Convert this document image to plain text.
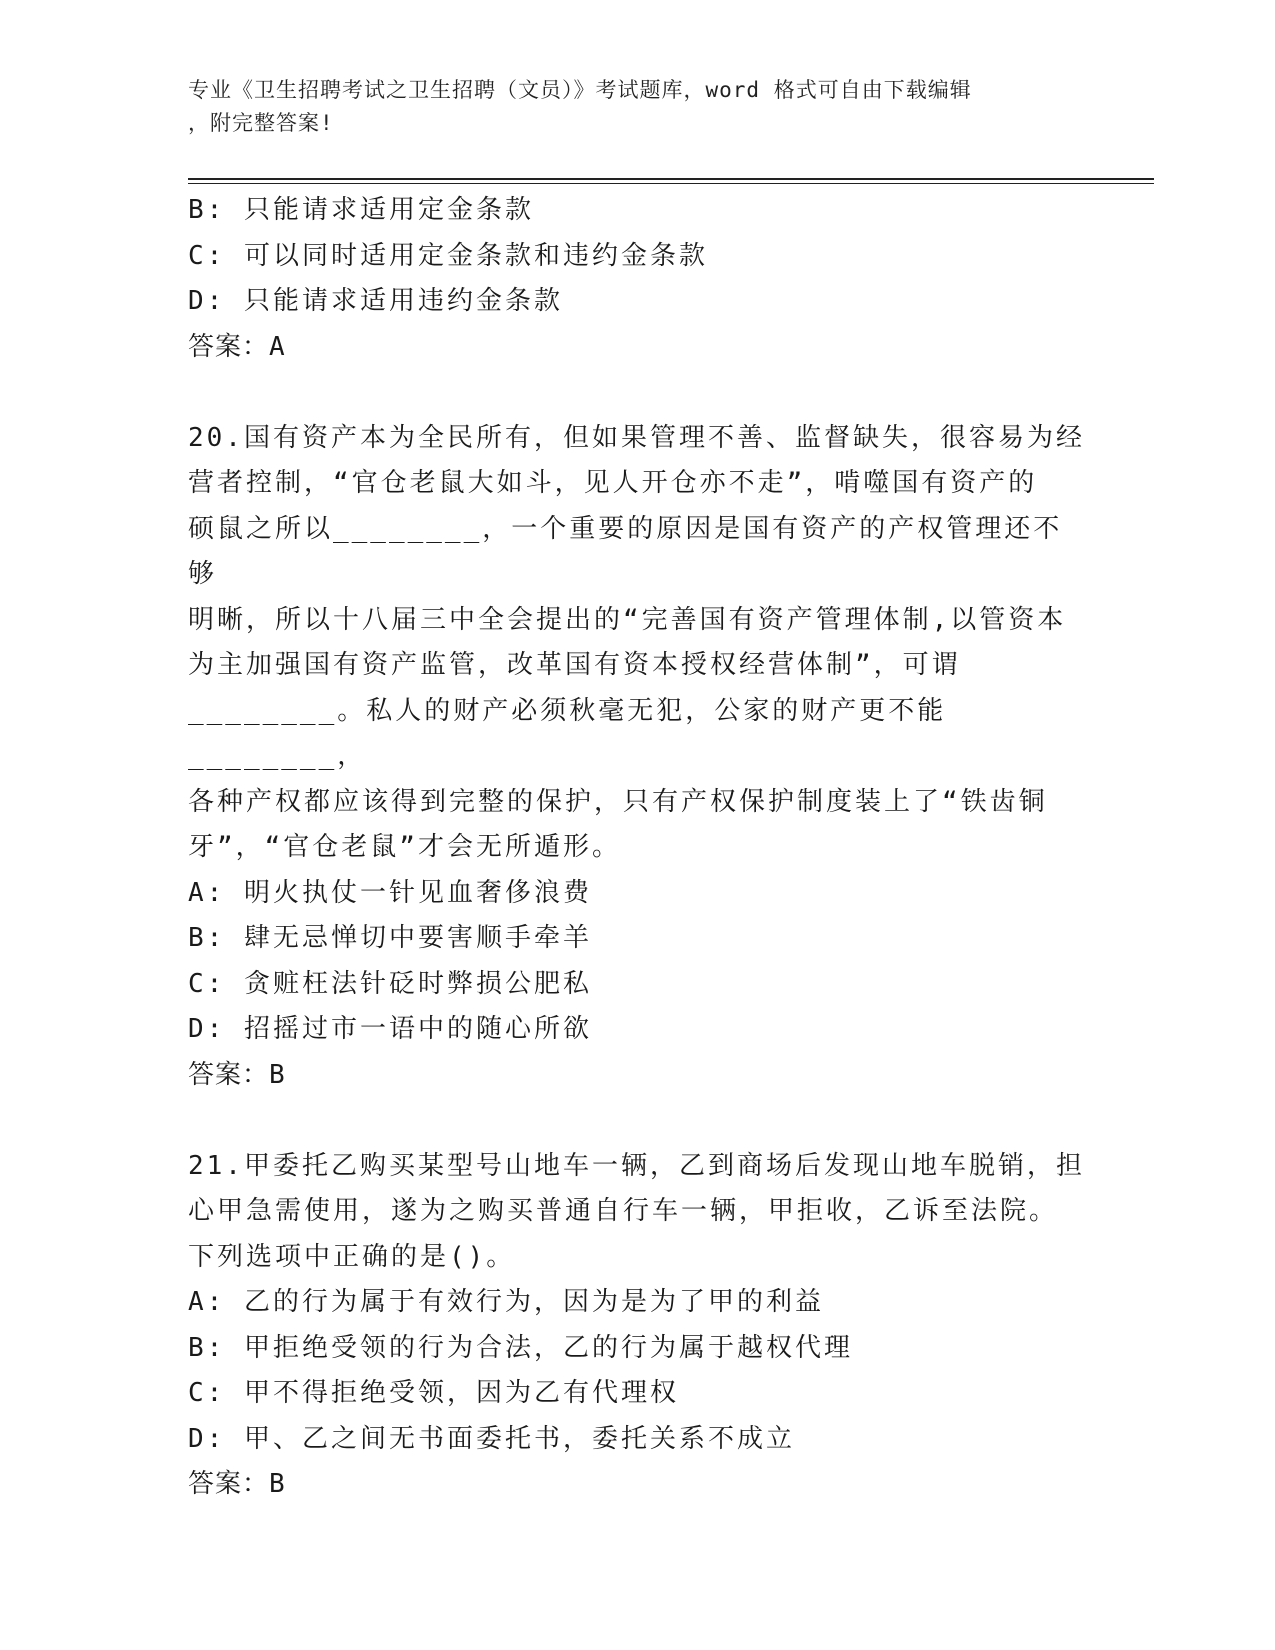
专业《卫生招聘考试之卫生招聘（文员）》考试题库，word 格式可自由下载编辑
，附完整答案!

B: 只能请求适用定金条款

C: 可以同时适用定金条款和违约金条款

D: 只能请求适用违约金条款

答案：A

20.国有资产本为全民所有，但如果管理不善、监督缺失，很容易为经

营者控制，“官仓老鼠大如斗，见人开仓亦不走”，啃噬国有资产的

硕鼠之所以________，一个重要的原因是国有资产的产权管理还不够

明晰，所以十八届三中全会提出的“完善国有资产管理体制,以管资本

为主加强国有资产监管，改革国有资本授权经营体制”，可谓

________。私人的财产必须秋毫无犯，公家的财产更不能________，

各种产权都应该得到完整的保护，只有产权保护制度装上了“铁齿铜

牙”，“官仓老鼠”才会无所遁形。

A: 明火执仗一针见血奢侈浪费

B: 肆无忌惮切中要害顺手牵羊

C: 贪赃枉法针砭时弊损公肥私

D: 招摇过市一语中的随心所欲

答案：B

21.甲委托乙购买某型号山地车一辆，乙到商场后发现山地车脱销，担

心甲急需使用，遂为之购买普通自行车一辆，甲拒收，乙诉至法院。

下列选项中正确的是()。

A: 乙的行为属于有效行为，因为是为了甲的利益

B: 甲拒绝受领的行为合法，乙的行为属于越权代理

C: 甲不得拒绝受领，因为乙有代理权

D: 甲、乙之间无书面委托书，委托关系不成立

答案：B
